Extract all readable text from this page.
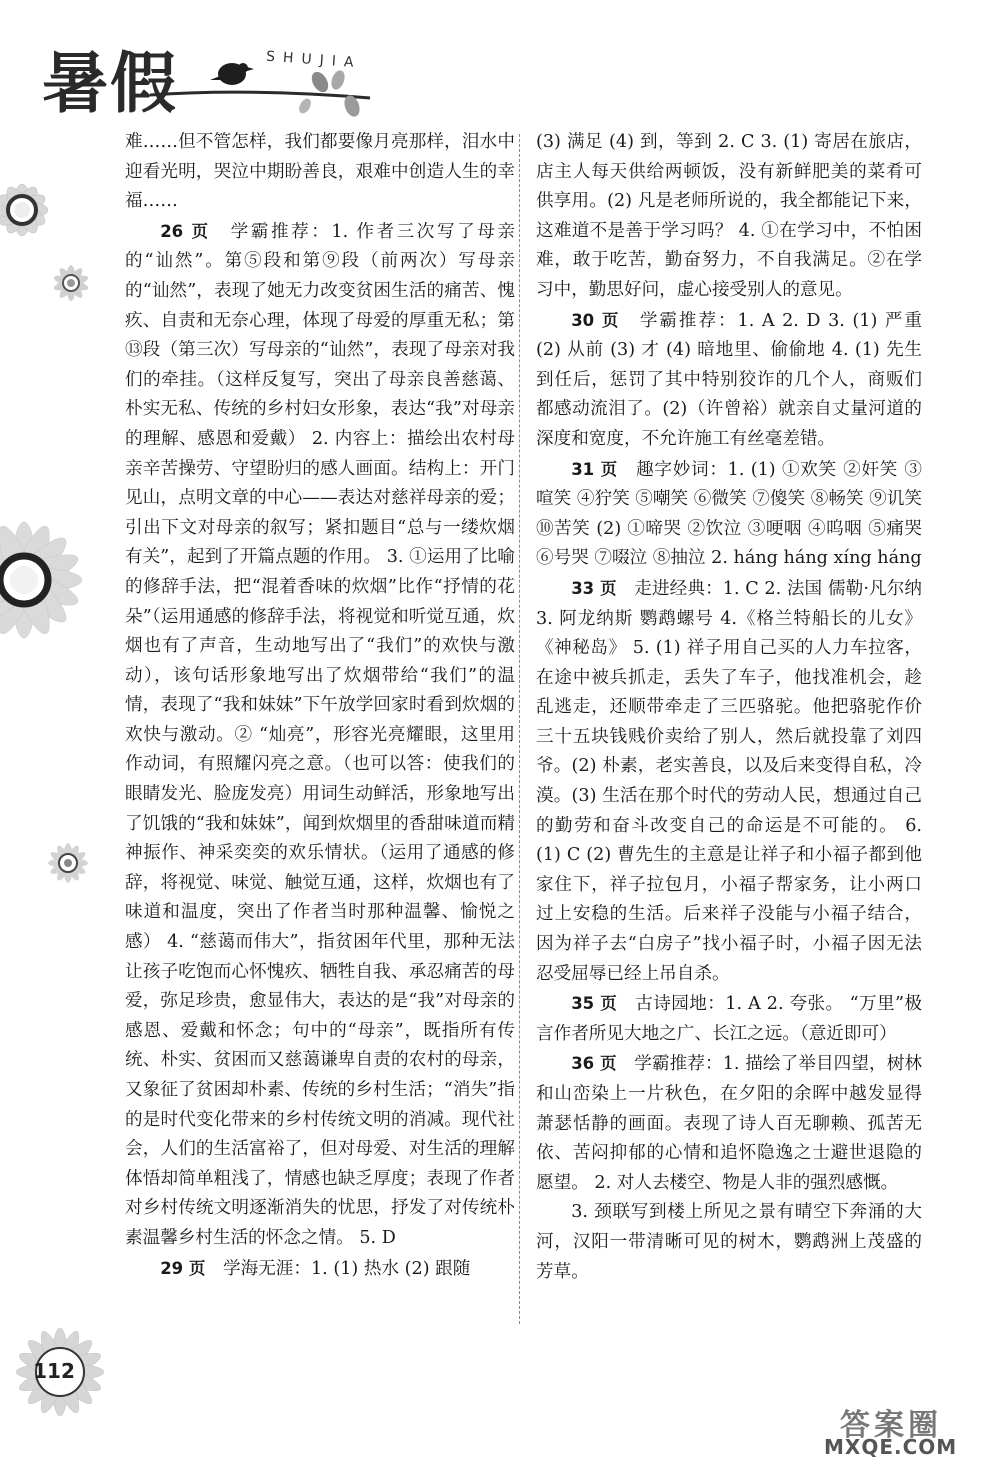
暑假	SHUJIA
112

难……但不管怎样，我们都要像月亮那样，泪水中迎看光明，哭泣中期盼善良，艰难中创造人生的幸福……

26 页　 学霸推荐：1. 作者三次写了母亲的“讪然”。第⑤段和第⑨段（前两次）写母亲的“讪然”，表现了她无力改变贫困生活的痛苦、愧疚、自责和无奈心理，体现了母爱的厚重无私；第⑬段（第三次）写母亲的“讪然”，表现了母亲对我们的牵挂。（这样反复写，突出了母亲良善慈蔼、朴实无私、传统的乡村妇女形象，表达“我”对母亲的理解、感恩和爱戴） 2. 内容上：描绘出农村母亲辛苦操劳、守望盼归的感人画面。结构上：开门见山，点明文章的中心——表达对慈祥母亲的爱；引出下文对母亲的叙写；紧扣题目“总与一缕炊烟有关”，起到了开篇点题的作用。 3. ①运用了比喻的修辞手法，把“混着香味的炊烟”比作“抒情的花朵”（运用通感的修辞手法，将视觉和听觉互通，炊烟也有了声音，生动地写出了“我们”的欢快与激动），该句话形象地写出了炊烟带给“我们”的温情，表现了“我和妹妹”下午放学回家时看到炊烟的欢快与激动。② “灿亮”，形容光亮耀眼，这里用作动词，有照耀闪亮之意。（也可以答：使我们的眼睛发光、脸庞发亮）用词生动鲜活，形象地写出了饥饿的“我和妹妹”，闻到炊烟里的香甜味道而精神振作、神采奕奕的欢乐情状。（运用了通感的修辞，将视觉、味觉、触觉互通，这样，炊烟也有了味道和温度，突出了作者当时那种温馨、愉悦之感） 4. “慈蔼而伟大”，指贫困年代里，那种无法让孩子吃饱而心怀愧疚、牺牲自我、承忍痛苦的母爱，弥足珍贵，愈显伟大，表达的是“我”对母亲的感恩、爱戴和怀念；句中的“母亲”，既指所有传统、朴实、贫困而又慈蔼谦卑自责的农村的母亲，又象征了贫困却朴素、传统的乡村生活；“消失”指的是时代变化带来的乡村传统文明的消减。现代社会，人们的生活富裕了，但对母爱、对生活的理解体悟却简单粗浅了，情感也缺乏厚度；表现了作者对乡村传统文明逐渐消失的忧思，抒发了对传统朴素温馨乡村生活的怀念之情。 5. D

29 页　 学海无涯：1. (1) 热水 (2) 跟随

(3) 满足 (4) 到，等到 2. C 3. (1) 寄居在旅店，店主人每天供给两顿饭，没有新鲜肥美的菜肴可供享用。(2) 凡是老师所说的，我全都能记下来，这难道不是善于学习吗？ 4. ①在学习中，不怕困难，敢于吃苦，勤奋努力，不自我满足。②在学习中，勤思好问，虚心接受别人的意见。

30 页　 学霸推荐：1. A 2. D 3. (1) 严重 (2) 从前 (3) 才 (4) 暗地里、偷偷地 4. (1) 先生到任后，惩罚了其中特别狡诈的几个人，商贩们都感动流泪了。(2)（许曾裕）就亲自丈量河道的深度和宽度，不允许施工有丝毫差错。

31 页　 趣字妙词：1. (1) ①欢笑 ②奸笑 ③喧笑 ④狞笑 ⑤嘲笑 ⑥微笑 ⑦傻笑 ⑧畅笑 ⑨讥笑 ⑩苦笑 (2) ①啼哭 ②饮泣 ③哽咽 ④呜咽 ⑤痛哭 ⑥号哭 ⑦啜泣 ⑧抽泣 2. háng háng xíng háng

33 页　 走进经典：1. C 2. 法国 儒勒·凡尔纳 3. 阿龙纳斯 鹦鹉螺号 4.《格兰特船长的儿女》《神秘岛》 5. (1) 祥子用自己买的人力车拉客，在途中被兵抓走，丢失了车子，他找准机会，趁乱逃走，还顺带牵走了三匹骆驼。他把骆驼作价三十五块钱贱价卖给了别人，然后就投靠了刘四爷。(2) 朴素，老实善良，以及后来变得自私，冷漠。(3) 生活在那个时代的劳动人民，想通过自己的勤劳和奋斗改变自己的命运是不可能的。 6. (1) C (2) 曹先生的主意是让祥子和小福子都到他家住下，祥子拉包月，小福子帮家务，让小两口过上安稳的生活。后来祥子没能与小福子结合，因为祥子去“白房子”找小福子时，小福子因无法忍受屈辱已经上吊自杀。

35 页　 古诗园地：1. A 2. 夸张。 “万里”极言作者所见大地之广、长江之远。（意近即可）

36 页　 学霸推荐：1. 描绘了举目四望，树林和山峦染上一片秋色，在夕阳的余晖中越发显得萧瑟恬静的画面。表现了诗人百无聊赖、孤苦无依、苦闷抑郁的心情和追怀隐逸之士避世退隐的愿望。 2. 对人去楼空、物是人非的强烈感慨。

3. 颈联写到楼上所见之景有晴空下奔涌的大河，汉阳一带清晰可见的树木，鹦鹉洲上茂盛的芳草。

答案圈
MXQE.COM
